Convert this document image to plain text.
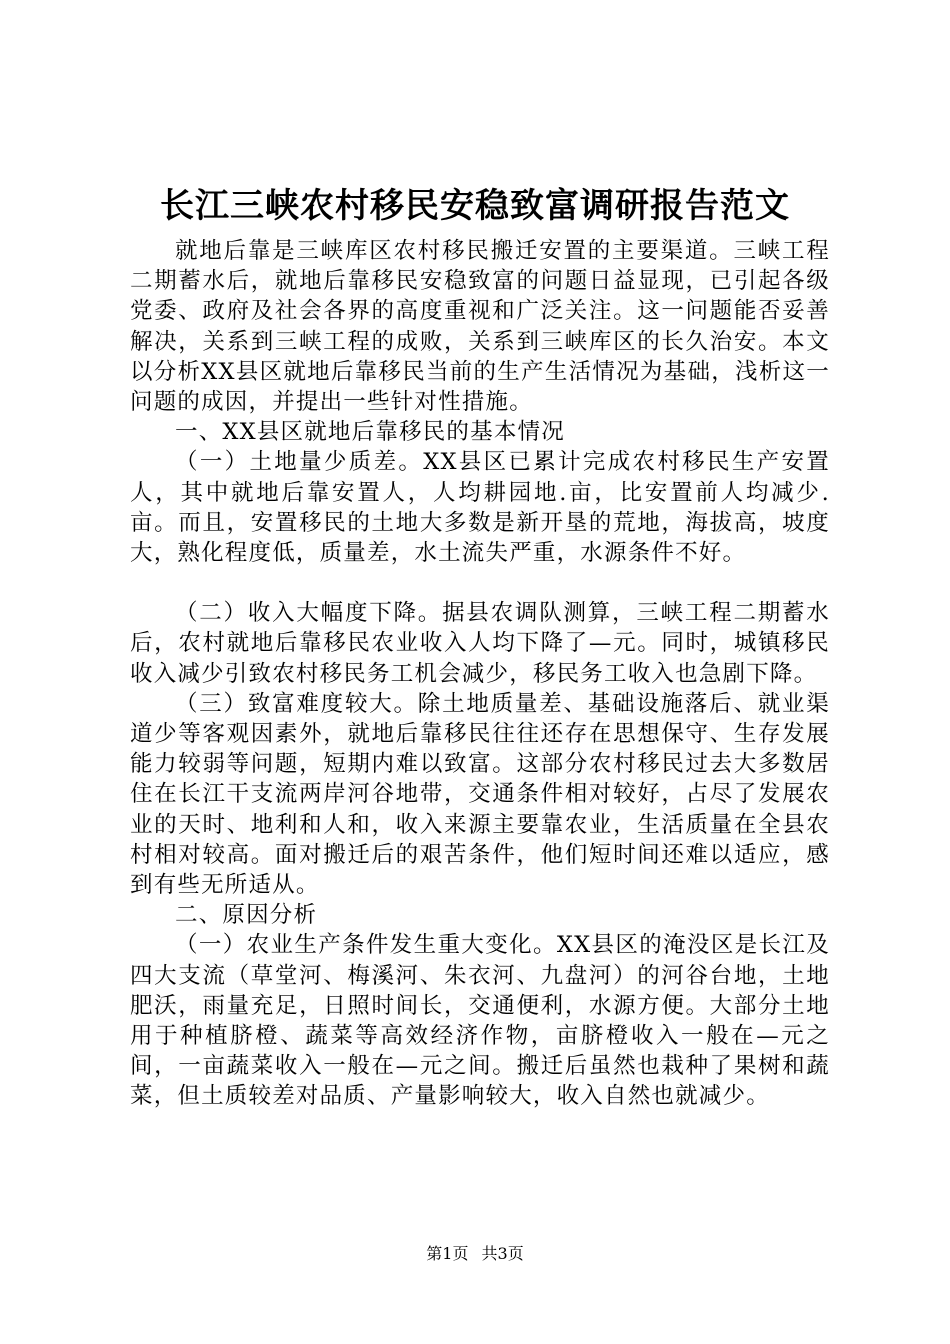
长江三峡农村移民安稳致富调研报告范文

就地后靠是三峡库区农村移民搬迁安置的主要渠道。三峡工程二期蓄水后，就地后靠移民安稳致富的问题日益显现，已引起各级党委、政府及社会各界的高度重视和广泛关注。这一问题能否妥善解决，关系到三峡工程的成败，关系到三峡库区的长久治安。本文以分析XX县区就地后靠移民当前的生产生活情况为基础，浅析这一问题的成因，并提出一些针对性措施。

一、XX县区就地后靠移民的基本情况

（一）土地量少质差。XX县区已累计完成农村移民生产安置人，其中就地后靠安置人，人均耕园地.亩，比安置前人均减少.亩。而且，安置移民的土地大多数是新开垦的荒地，海拔高，坡度大，熟化程度低，质量差，水土流失严重，水源条件不好。

（二）收入大幅度下降。据县农调队测算，三峡工程二期蓄水后，农村就地后靠移民农业收入人均下降了—元。同时，城镇移民收入减少引致农村移民务工机会减少，移民务工收入也急剧下降。

（三）致富难度较大。除土地质量差、基础设施落后、就业渠道少等客观因素外，就地后靠移民往往还存在思想保守、生存发展能力较弱等问题，短期内难以致富。这部分农村移民过去大多数居住在长江干支流两岸河谷地带，交通条件相对较好，占尽了发展农业的天时、地利和人和，收入来源主要靠农业，生活质量在全县农村相对较高。面对搬迁后的艰苦条件，他们短时间还难以适应，感到有些无所适从。

二、原因分析

（一）农业生产条件发生重大变化。XX县区的淹没区是长江及四大支流（草堂河、梅溪河、朱衣河、九盘河）的河谷台地，土地肥沃，雨量充足，日照时间长，交通便利，水源方便。大部分土地用于种植脐橙、蔬菜等高效经济作物，亩脐橙收入一般在—元之间，一亩蔬菜收入一般在—元之间。搬迁后虽然也栽种了果树和蔬菜，但土质较差对品质、产量影响较大，收入自然也就减少。

第1页 共3页
